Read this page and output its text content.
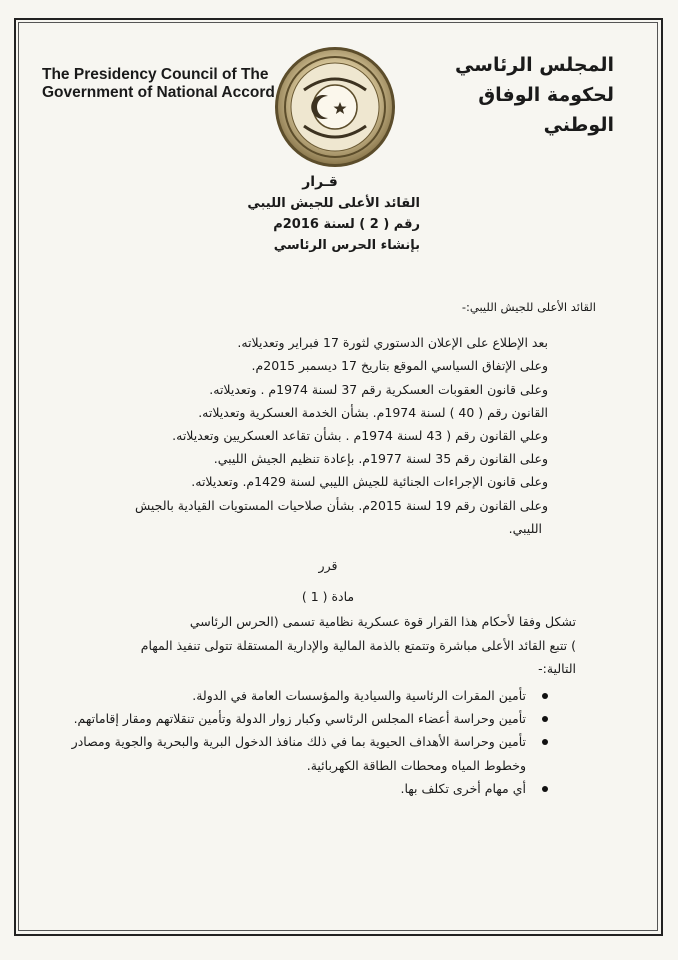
The Presidency Council of The
Government of National Accord
المجلس الرئاسي
لحكومة الوفاق الوطني
قـرار
القائد الأعلى للجيش الليبي
رقم ( 2 ) لسنة 2016م
بإنشاء الحرس الرئاسي

القائد الأعلى للجيش الليبي:-

بعد الإطلاع على الإعلان الدستوري لثورة 17 فبراير وتعديلاته.

وعلى الإتفاق السياسي الموقع بتاريخ 17 ديسمبر 2015م.

وعلى قانون العقوبات العسكرية رقم 37 لسنة 1974م . وتعديلاته.

القانون رقم ( 40 ) لسنة 1974م. بشأن الخدمة العسكرية وتعديلاته.

وعلي القانون رقم ( 43 لسنة 1974م . بشأن تقاعد العسكريين وتعديلاته.

وعلى القانون رقم 35 لسنة 1977م. بإعادة تنظيم الجيش الليبي.

وعلى قانون الإجراءات الجنائية للجيش الليبي لسنة 1429م. وتعديلاته.

وعلى القانون رقم 19 لسنة 2015م. بشأن صلاحيات المستويات القيادية بالجيش

الليبي.

قرر

مادة ( 1 )

تشكل وفقا لأحكام هذا القرار قوة عسكرية نظامية تسمى (الحرس الرئاسي

) تتبع القائد الأعلى مباشرة وتتمتع بالذمة المالية والإدارية المستقلة تتولى تنفيذ المهام

التالية:-

تأمين المقرات الرئاسية والسيادية والمؤسسات العامة في الدولة.
تأمين وحراسة أعضاء المجلس الرئاسي وكبار زوار الدولة وتأمين تنقلاتهم ومقار إقاماتهم.
تأمين وحراسة الأهداف الحيوية بما في ذلك منافذ الدخول البرية والبحرية والجوية ومصادر وخطوط المياه ومحطات الطاقة الكهربائية.
أي مهام أخرى تكلف بها.
